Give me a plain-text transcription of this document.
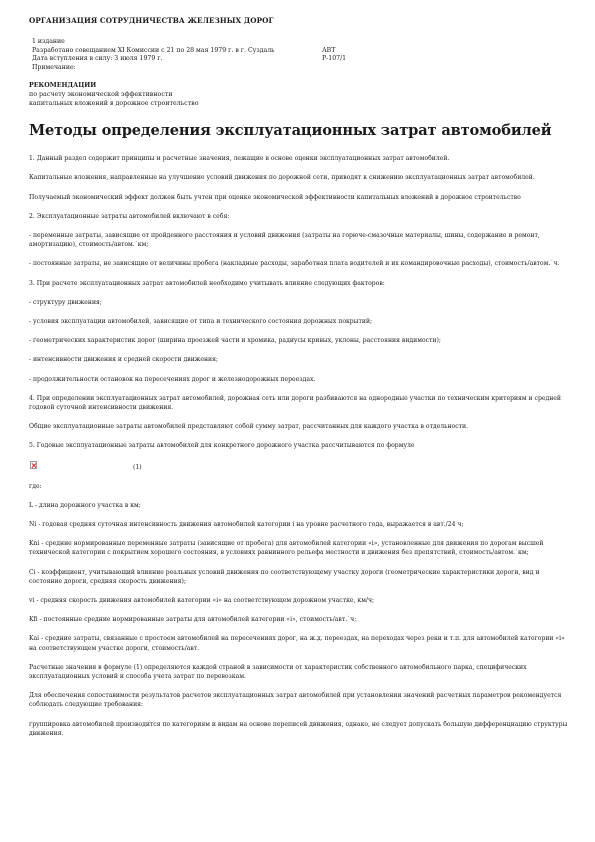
ОРГАНИЗАЦИЯ СОТРУДНИЧЕСТВА ЖЕЛЕЗНЫХ ДОРОГ
1 издание
Разработано совещанием XI Комиссии с 21 по 28 мая 1979 г. в г. Суздаль	АВТ
Дата вступления в силу: 3 июля 1979 г.	Р-107/1
Примечание:
РЕКОМЕНДАЦИИ
по расчету экономической эффективности
капитальных вложений в дорожное строительство
Методы определения эксплуатационных затрат автомобилей

1. Данный раздел содержит принципы и расчетные значения, лежащие в основе оценки эксплуатационных затрат автомобилей.

Капитальные вложения, направленные на улучшение условий движения по дорожной сети, приводят к снижению эксплуатационных затрат автомобилей.

Получаемый экономический эффект должен быть учтен при оценке экономической эффективности капитальных вложений в дорожное строительство

2. Эксплуатационные затраты автомобилей включают в себя:

- переменные затраты, зависящие от пройденного расстояния и условий движения (затраты на горюче-смазочные материалы, шины, содержание и ремонт, амортизацию), стоимость/автом.˙км;

- постоянные затраты, не зависящие от величины пробега (накладные расходы, заработная плата водителей и их командировочные расходы), стоимость/автом.˙ч.

3. При расчете эксплуатационных затрат автомобилей необходимо учитывать влияние следующих факторов:

- структуру движения;

- условия эксплуатации автомобилей, зависящие от типа и технического состояния дорожных покрытий;

- геометрических характеристик дорог (ширина проезжей части и хромика, радиусы кривых, уклоны, расстояния видимости);

- интенсивности движения и средней скорости движения;

- продолжительности остановок на пересечениях дорог и железнодорожных переездах.

4. При определении эксплуатационных затрат автомобилей, дорожная сеть или дороги разбиваются на однородные участки по техническим критериям и средней годовой суточной интенсивности движения.

Общие эксплуатационные затраты автомобилей представляют собой сумму затрат, рассчитанных для каждого участка в отдельности.

5. Годовые эксплуатационные затраты автомобилей для конкретного дорожного участка рассчитываются по формуле

(1)

где:

L - длина дорожного участка в км;

Ni - годовая средняя суточная интенсивность движения автомобилей категории i на уровне расчетного года, выражается в авт./24 ч;

Kni - средние нормированные переменные затраты (зависящие от пробега) для автомобилей категории «i», установленные для движения по дорогам высшей технической категории с покрытием хорошего состояния, в условиях равнинного рельефа местности и движения без препятствий, стоимость/автом.˙км;

Ci - коэффициент, учитывающий влияние реальных условий движения по соответствующему участку дороги (геометрические характеристики дороги, вид и состояние дороги, средняя скорость движения);

vi - средняя скорость движения автомобилей категории «i» на соответствующем дорожном участке, км/ч;

Kfi - постоянные средние нормированные затраты для автомобилей категории «i», стоимость/авт.˙ч;

Kai - средние затраты, связанные с простоем автомобилей на пересечениях дорог, на ж.д. переездах, на переходах через реки и т.п. для автомобилей категории «i» на соответствующем участке дороги, стоимость/авт.

Расчетные значения в формуле (1) определяются каждой страной в зависимости от характеристик собственного автомобильного парка, специфических эксплуатационных условий и способа учета затрат по перевозкам.

Для обеспечения сопоставимости результатов расчетов эксплуатационных затрат автомобилей при установлении значений расчетных параметров рекомендуется соблюдать следующие требования:

группировка автомобилей производится по категориям и видам на основе переписей движения, однако, не следует допускать большую дифференциацию структуры движения.
